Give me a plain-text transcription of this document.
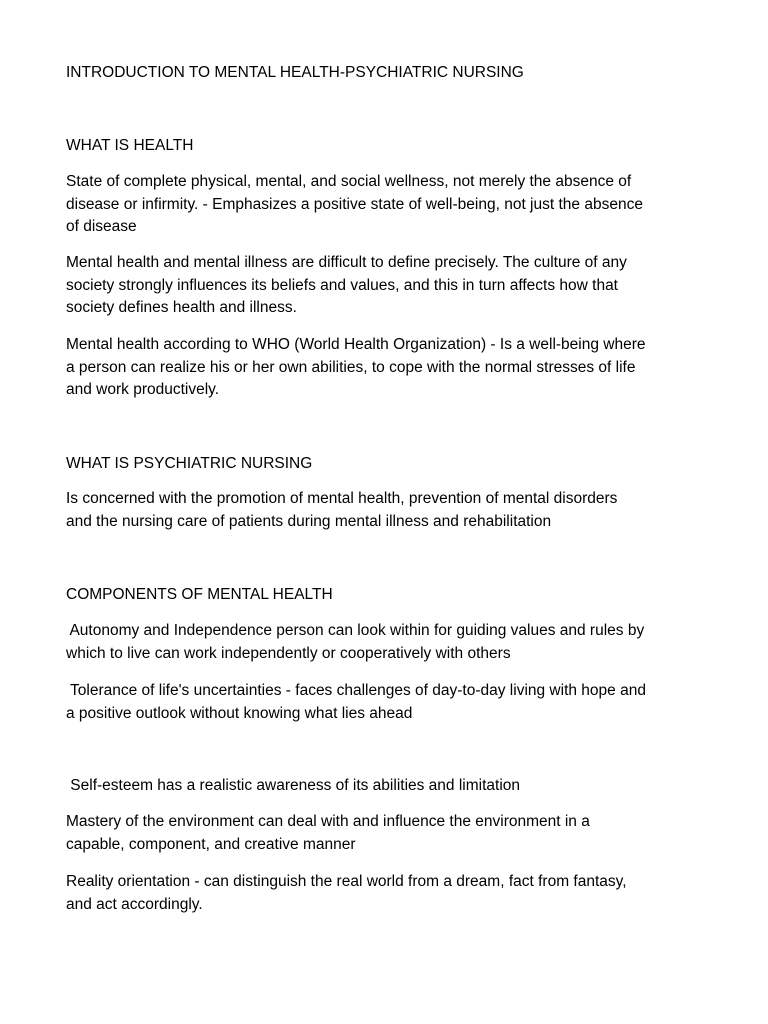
INTRODUCTION TO MENTAL HEALTH-PSYCHIATRIC NURSING
WHAT IS HEALTH
State of complete physical, mental, and social wellness, not merely the absence of
disease or infirmity. - Emphasizes a positive state of well-being, not just the absence
of disease
Mental health and mental illness are difficult to define precisely. The culture of any
society strongly influences its beliefs and values, and this in turn affects how that
society defines health and illness.
Mental health according to WHO (World Health Organization) - Is a well-being where
a person can realize his or her own abilities, to cope with the normal stresses of life
and work productively.
WHAT IS PSYCHIATRIC NURSING
Is concerned with the promotion of mental health, prevention of mental disorders
and the nursing care of patients during mental illness and rehabilitation
COMPONENTS OF MENTAL HEALTH
Autonomy and Independence person can look within for guiding values and rules by
which to live can work independently or cooperatively with others
Tolerance of life's uncertainties - faces challenges of day-to-day living with hope and
a positive outlook without knowing what lies ahead
Self-esteem has a realistic awareness of its abilities and limitation
Mastery of the environment can deal with and influence the environment in a
capable, component, and creative manner
Reality orientation - can distinguish the real world from a dream, fact from fantasy,
and act accordingly.
